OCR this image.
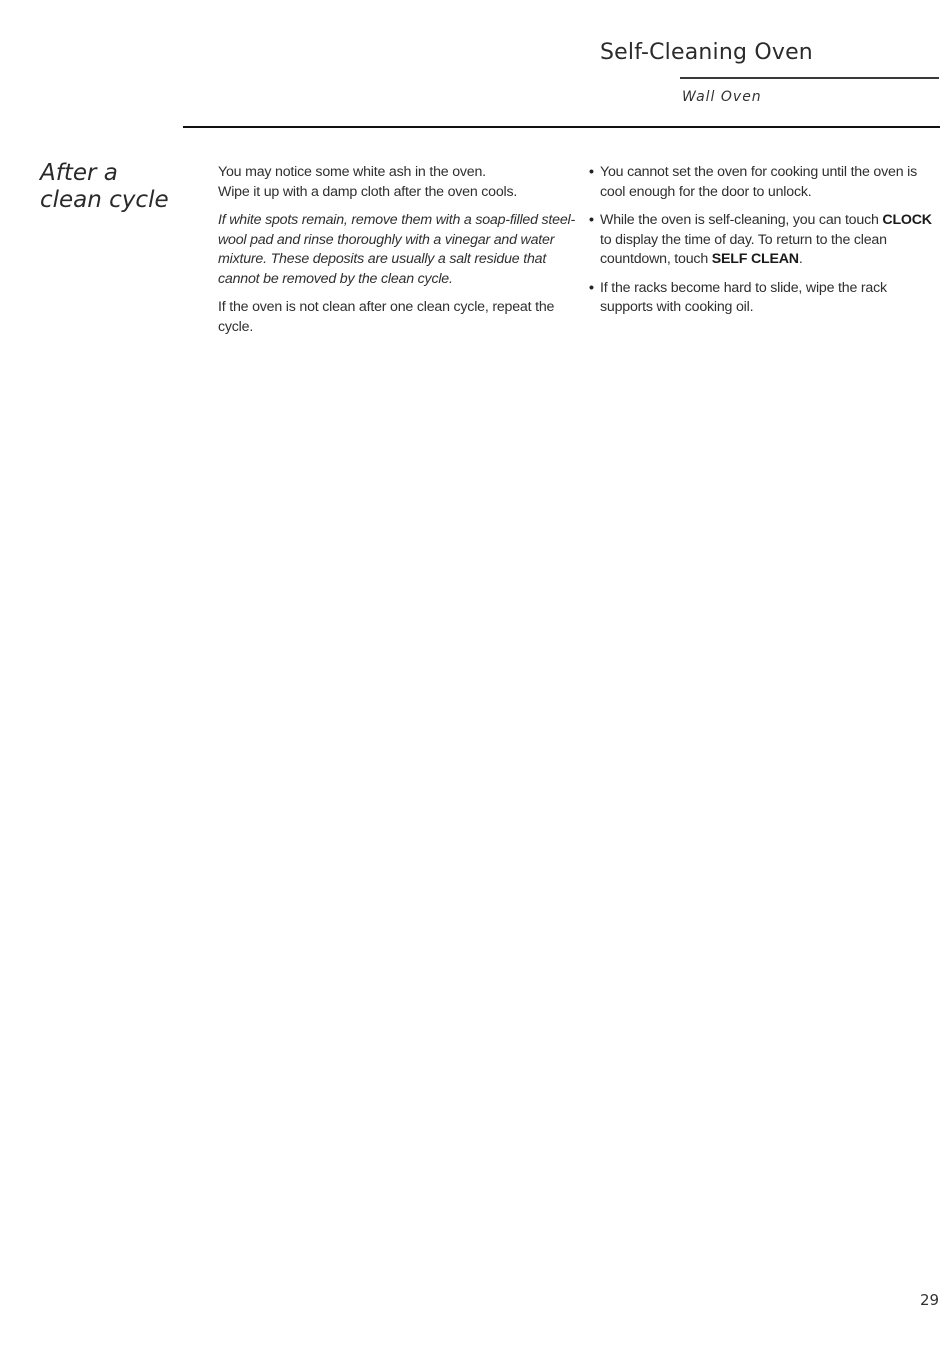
Self-Cleaning Oven
Wall Oven
After a
clean cycle

You may notice some white ash in the oven.
Wipe it up with a damp cloth after the oven cools.

If white spots remain, remove them with a soap-filled steel-wool pad and rinse thoroughly with a vinegar and water mixture. These deposits are usually a salt residue that cannot be removed by the clean cycle.

If the oven is not clean after one clean cycle, repeat the cycle.

• You cannot set the oven for cooking until the oven is cool enough for the door to unlock.
• While the oven is self-cleaning, you can touch CLOCK to display the time of day. To return to the clean countdown, touch SELF CLEAN.
• If the racks become hard to slide, wipe the rack supports with cooking oil.
29
